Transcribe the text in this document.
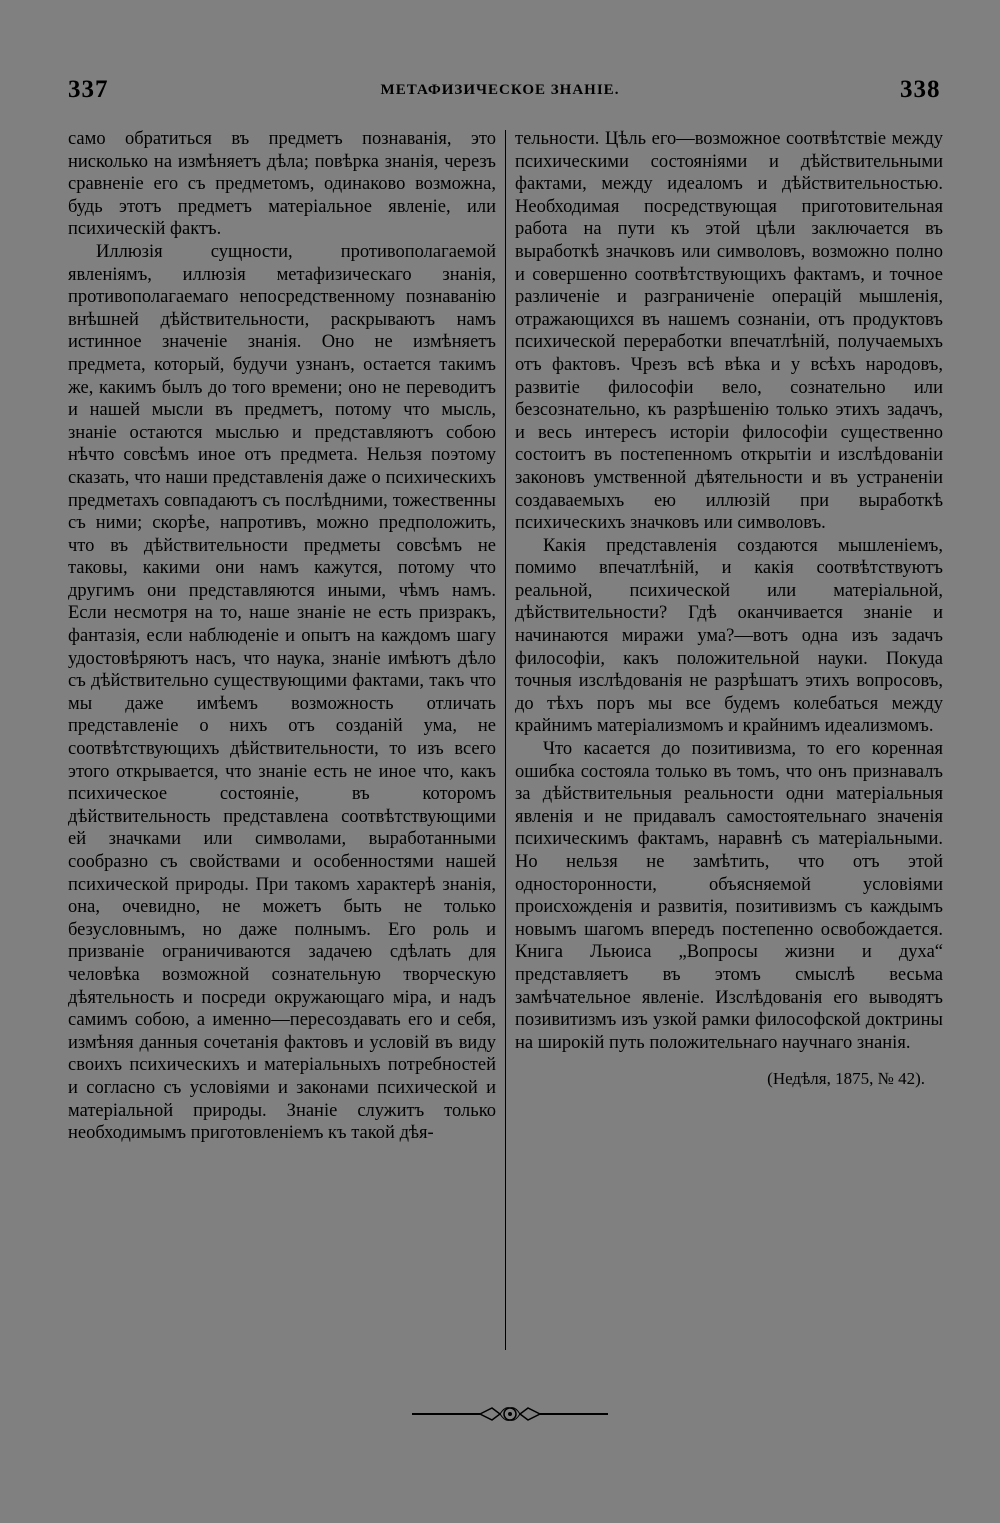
337	МЕТАФИЗИЧЕСКОЕ ЗНАНІЕ.	338

само обратиться въ предметъ познаванія, это нисколько на измѣняетъ дѣла; повѣрка знанія, черезъ сравненіе его съ предметомъ, одинаково возможна, будь этотъ предметъ матеріальное явленіе, или психическій фактъ.

Иллюзія сущности, противополагаемой явленіямъ, иллюзія метафизическаго знанія, противополагаемаго непосредственному познаванію внѣшней дѣйствительности, раскрываютъ намъ истинное значеніе знанія. Оно не измѣняетъ предмета, который, будучи узнанъ, остается такимъ же, какимъ былъ до того времени; оно не переводитъ и нашей мысли въ предметъ, потому что мысль, знаніе остаются мыслью и представляютъ собою нѣчто совсѣмъ иное отъ предмета. Нельзя поэтому сказать, что наши представленія даже о психическихъ предметахъ совпадаютъ съ послѣдними, тожественны съ ними; скорѣе, напротивъ, можно предположить, что въ дѣйствительности предметы совсѣмъ не таковы, какими они намъ кажутся, потому что другимъ они представляются иными, чѣмъ намъ. Если несмотря на то, наше знаніе не есть призракъ, фантазія, если наблюденіе и опытъ на каждомъ шагу удостовѣряютъ насъ, что наука, знаніе имѣютъ дѣло съ дѣйствительно существующими фактами, такъ что мы даже имѣемъ возможность отличать представленіе о нихъ отъ созданій ума, не соотвѣтствующихъ дѣйствительности, то изъ всего этого открывается, что знаніе есть не иное что, какъ психическое состояніе, въ которомъ дѣйствительность представлена соотвѣтствующими ей значками или символами, выработанными сообразно съ свойствами и особенностями нашей психической природы. При такомъ характерѣ знанія, она, очевидно, не можетъ быть не только безусловнымъ, но даже полнымъ. Его роль и призваніе ограничиваются задачею сдѣлать для человѣка возможной сознательную творческую дѣятельность и посреди окружающаго міра, и надъ самимъ собою, а именно—пересоздавать его и себя, измѣняя данныя сочетанія фактовъ и условій въ виду своихъ психическихъ и матеріальныхъ потребностей и согласно съ условіями и законами психической и матеріальной природы. Знаніе служитъ только необходимымъ приготовленіемъ къ такой дѣя-

тельности. Цѣль его—возможное соотвѣтствіе между психическими состояніями и дѣйствительными фактами, между идеаломъ и дѣйствительностью. Необходимая посредствующая приготовительная работа на пути къ этой цѣли заключается въ выработкѣ значковъ или символовъ, возможно полно и совершенно соотвѣтствующихъ фактамъ, и точное различеніе и разграниченіе операцій мышленія, отражающихся въ нашемъ сознаніи, отъ продуктовъ психической переработки впечатлѣній, получаемыхъ отъ фактовъ. Чрезъ всѣ вѣка и у всѣхъ народовъ, развитіе философіи вело, сознательно или безсознательно, къ разрѣшенію только этихъ задачъ, и весь интересъ исторіи философіи существенно состоитъ въ постепенномъ открытіи и изслѣдованіи законовъ умственной дѣятельности и въ устраненіи создаваемыхъ ею иллюзій при выработкѣ психическихъ значковъ или символовъ.

Какія представленія создаются мышленіемъ, помимо впечатлѣній, и какія соотвѣтствуютъ реальной, психической или матеріальной, дѣйствительности? Гдѣ оканчивается знаніе и начинаются миражи ума?—вотъ одна изъ задачъ философіи, какъ положительной науки. Покуда точныя изслѣдованія не разрѣшатъ этихъ вопросовъ, до тѣхъ поръ мы все будемъ колебаться между крайнимъ матеріализмомъ и крайнимъ идеализмомъ.

Что касается до позитивизма, то его коренная ошибка состояла только въ томъ, что онъ признавалъ за дѣйствительныя реальности одни матеріальныя явленія и не придавалъ самостоятельнаго значенія психическимъ фактамъ, наравнѣ съ матеріальными. Но нельзя не замѣтить, что отъ этой односторонности, объясняемой условіями происхожденія и развитія, позитивизмъ съ каждымъ новымъ шагомъ впередъ постепенно освобождается. Книга Льюиса „Вопросы жизни и духа“ представляетъ въ этомъ смыслѣ весьма замѣчательное явленіе. Изслѣдованія его выводятъ позивитизмъ изъ узкой рамки философской доктрины на широкій путь положительнаго научнаго знанія.

(Недѣля, 1875, № 42).
